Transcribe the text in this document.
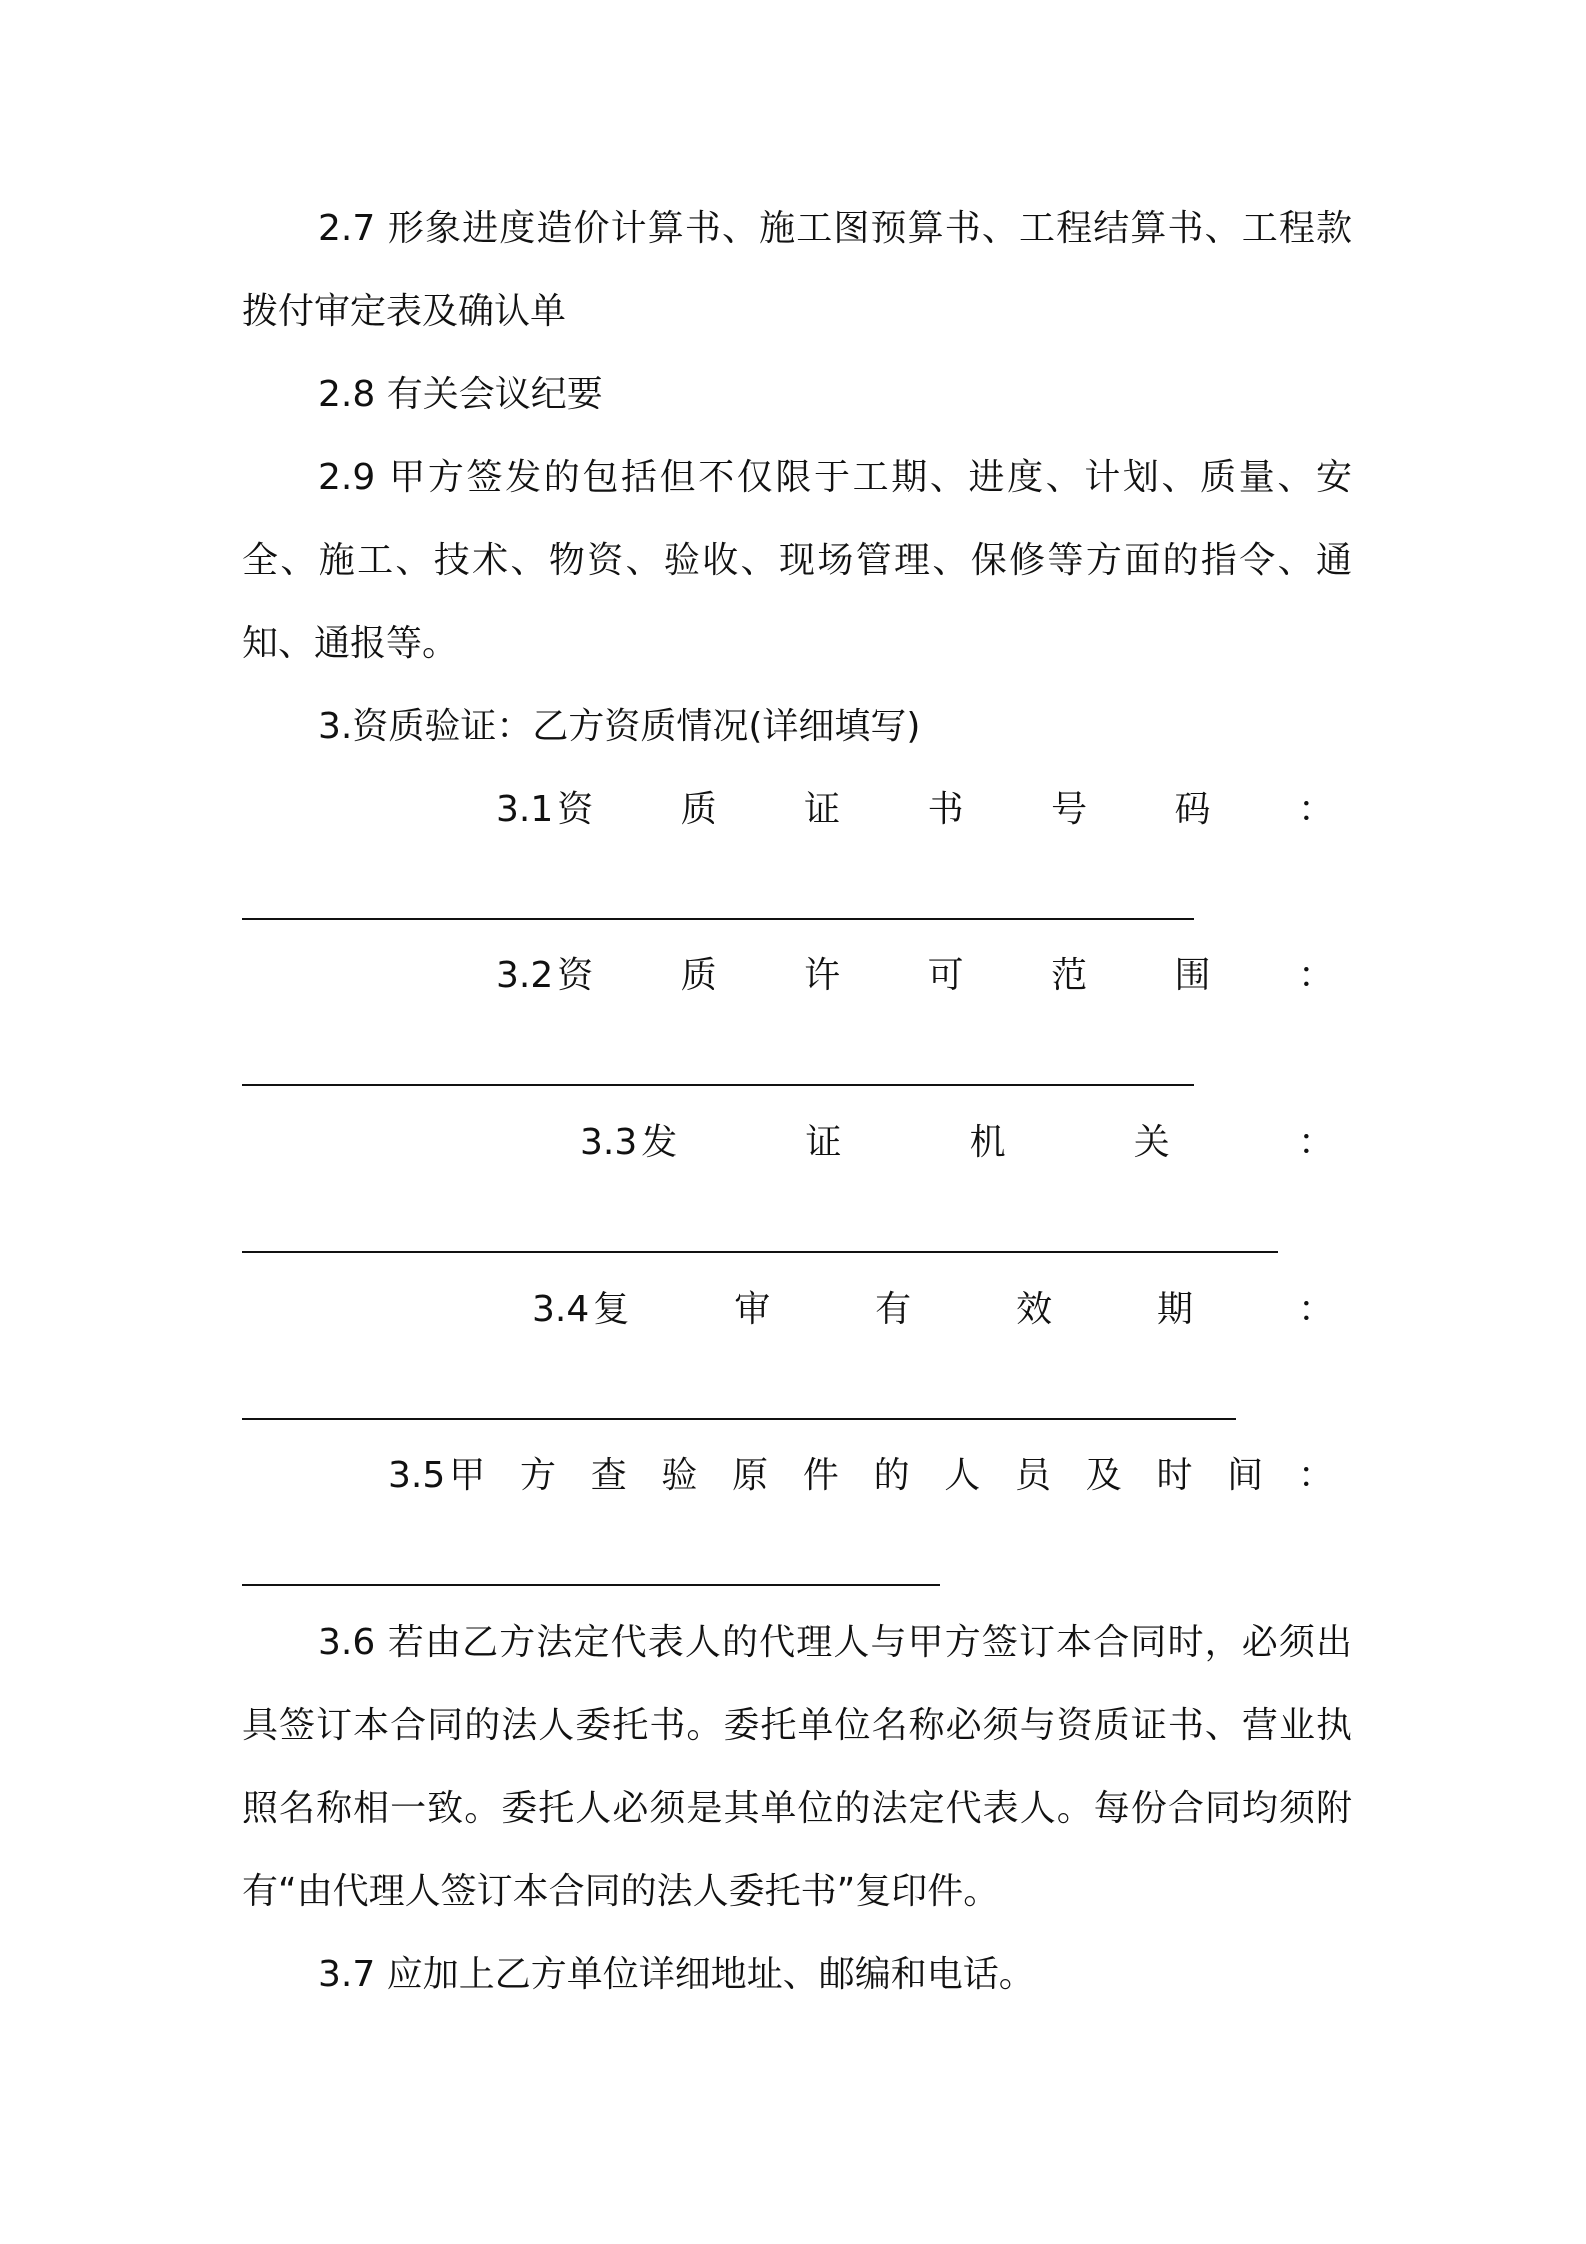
2.7 形象进度造价计算书、施工图预算书、工程结算书、工程款拨付审定表及确认单
2.8 有关会议纪要
2.9 甲方签发的包括但不仅限于工期、进度、计划、质量、安全、施工、技术、物资、验收、现场管理、保修等方面的指令、通知、通报等。
3.资质验证：乙方资质情况(详细填写)
3.1 资 质 证 书 号 码 ：
3.2 资 质 许 可 范 围 ：
3.3 发	证	机	关	：
3.4 复	审	有	效	期	：
3.5 甲 方 查 验 原 件 的 人 员 及 时 间 ：
3.6 若由乙方法定代表人的代理人与甲方签订本合同时，必须出具签订本合同的法人委托书。委托单位名称必须与资质证书、营业执照名称相一致。委托人必须是其单位的法定代表人。每份合同均须附有“由代理人签订本合同的法人委托书”复印件。
3.7 应加上乙方单位详细地址、邮编和电话。
